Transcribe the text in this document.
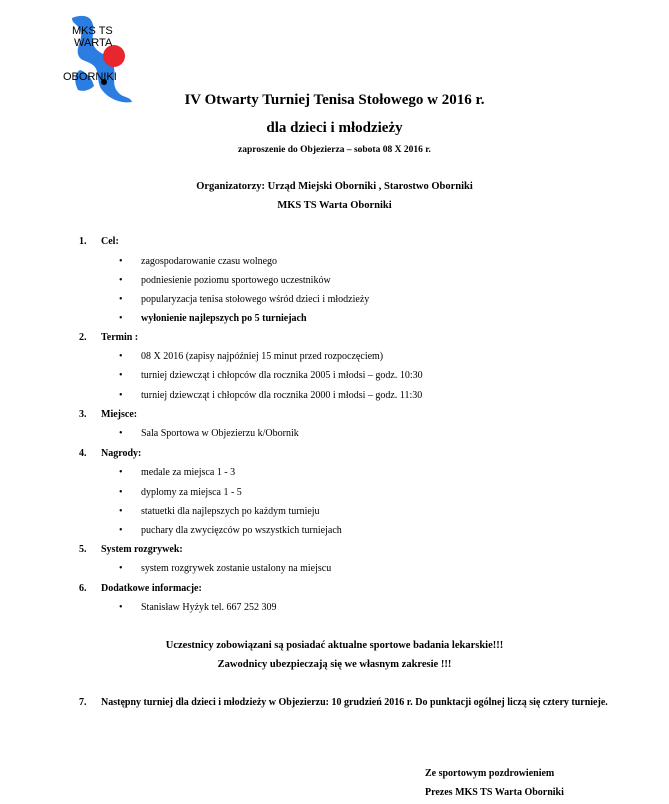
MKS TS
WARTA
OBORNIKI
IV Otwarty Turniej Tenisa Stołowego w 2016 r.
dla dzieci i młodzieży
zaproszenie do Objezierza – sobota 08 X 2016 r.
Organizatorzy: Urząd Miejski Oborniki , Starostwo Oborniki
MKS TS Warta Oborniki
1. Cel:
• zagospodarowanie czasu wolnego
• podniesienie poziomu sportowego uczestników
• popularyzacja tenisa stołowego wśród dzieci i młodzieży
• wyłonienie najlepszych po 5 turniejach
2. Termin :
• 08 X 2016 (zapisy najpóźniej 15 minut przed rozpoczęciem)
• turniej dziewcząt i chłopców dla rocznika 2005 i młodsi – godz. 10:30
• turniej dziewcząt i chłopców dla rocznika 2000 i młodsi – godz. 11:30
3. Miejsce:
• Sala Sportowa w Objezierzu k/Obornik
4. Nagrody:
• medale za miejsca 1 - 3
• dyplomy za miejsca 1 - 5
• statuetki dla najlepszych po każdym turnieju
• puchary dla zwycięzców po wszystkich turniejach
5. System rozgrywek:
• system rozgrywek zostanie ustalony na miejscu
6. Dodatkowe informacje:
• Stanisław Hyżyk tel. 667 252 309
Uczestnicy zobowiązani są posiadać aktualne sportowe badania lekarskie!!!
Zawodnicy ubezpieczają się we własnym zakresie !!!
7. Następny turniej dla dzieci i młodzieży w Objezierzu: 10 grudzień 2016 r. Do punktacji ogólnej liczą się cztery turnieje.
Ze sportowym pozdrowieniem
Prezes MKS TS Warta Oborniki
